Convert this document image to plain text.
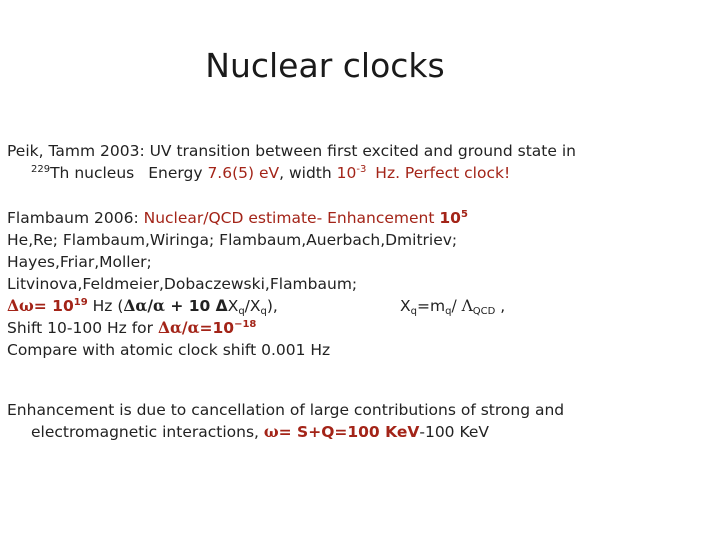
Nuclear clocks
Peik, Tamm 2003: UV transition between first excited and ground state in
$^{229}$Th nucleus Energy 7.6(5) eV, width $10^{-3}$ Hz. Perfect clock!
Flambaum 2006: Nuclear/QCD estimate- Enhancement $10^5$
He,Re; Flambaum,Wiringa; Flambaum,Auerbach,Dmitriev;
Hayes,Friar,Moller;
Litvinova,Feldmeier,Dobaczewski,Flambaum;
$\Delta\omega= 10^{19}$ Hz (Δα/α + 10 $\Delta X_q/X_q$),	$X_q=m_q/$ $\Lambda_{QCD}$ ,
Shift 10-100 Hz for $\Delta\alpha/\alpha=10^{-18}$
Compare with atomic clock shift 0.001 Hz
Enhancement is due to cancellation of large contributions of strong and
electromagnetic interactions, ω= S+Q=100 KeV-100 KeV
